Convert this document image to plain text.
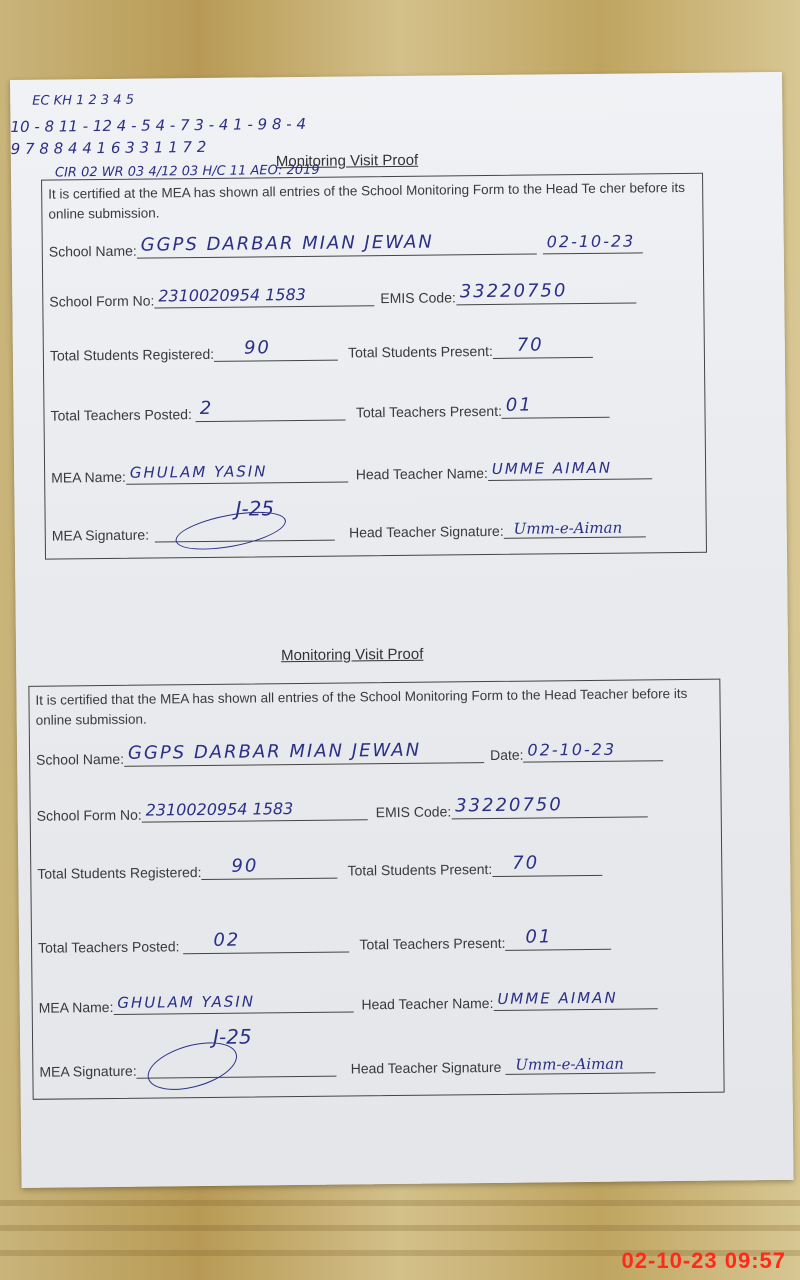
EC KH 1 2 3 4 5
10 - 8 11 - 12 4 - 5 4 - 7 3 - 4 1 - 9 8 - 4
9 7 8 8 4 4 1 6 3 3 1 1 7 2
CIR 02 WR 03 4/12 03 H/C 11 AEO: 2019
Monitoring Visit Proof
It is certified at the MEA has shown all entries of the School Monitoring Form to the Head Te cher before its online submission.
School Name: GGPS DARBAR MIAN JEWAN	02-10-23
School Form No: 2310020954 1583	EMIS Code: 33220750
Total Students Registered: 90	Total Students Present: 70
Total Teachers Posted: 2	Total Teachers Present: 01
MEA Name: GHULAM YASIN	Head Teacher Name: UMME AIMAN
J-25
MEA Signature:	Head Teacher Signature: Umm-e-Aiman
Monitoring Visit Proof
It is certified that the MEA has shown all entries of the School Monitoring Form to the Head Teacher before its online submission.
School Name: GGPS DARBAR MIAN JEWAN	Date: 02-10-23
School Form No: 2310020954 1583	EMIS Code: 33220750
Total Students Registered: 90	Total Students Present: 70
Total Teachers Posted: 02	Total Teachers Present: 01
MEA Name: GHULAM YASIN	Head Teacher Name: UMME AIMAN
J-25
MEA Signature:	Head Teacher Signature Umm-e-Aiman
02-10-23 09:57
